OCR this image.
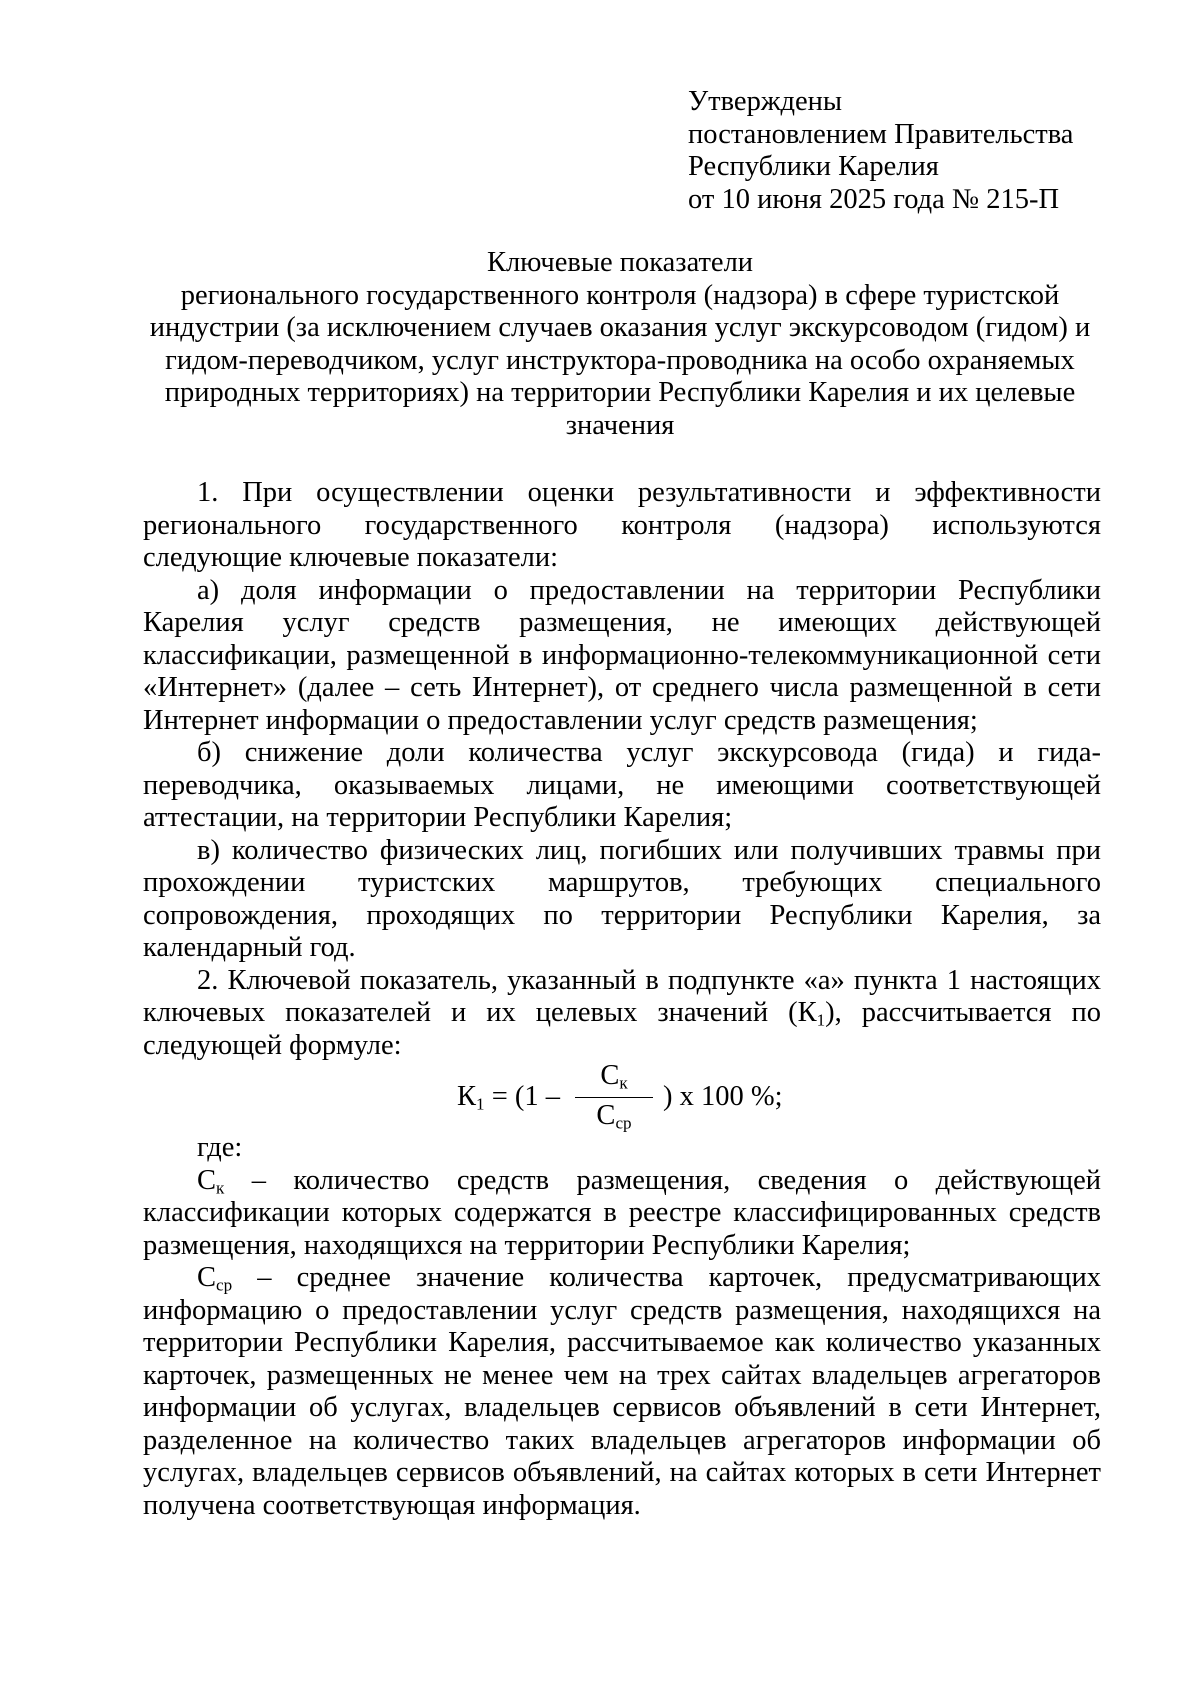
Утверждены
постановлением Правительства
Республики Карелия
от 10 июня 2025 года № 215-П
Ключевые показатели
регионального государственного контроля (надзора) в сфере туристской
индустрии (за исключением случаев оказания услуг экскурсоводом (гидом) и
гидом-переводчиком, услуг инструктора-проводника на особо охраняемых
природных территориях) на территории Республики Карелия и их целевые
значения

1. При осуществлении оценки результативности и эффективности регионального государственного контроля (надзора) используются следующие ключевые показатели:

а) доля информации о предоставлении на территории Республики Карелия услуг средств размещения, не имеющих действующей классификации, размещенной в информационно-телекоммуникационной сети «Интернет» (далее – сеть Интернет), от среднего числа размещенной в сети Интернет информации о предоставлении услуг средств размещения;

б) снижение доли количества услуг экскурсовода (гида) и гида-переводчика, оказываемых лицами, не имеющими соответствующей аттестации, на территории Республики Карелия;

в) количество физических лиц, погибших или получивших травмы при прохождении туристских маршрутов, требующих специального сопровождения, проходящих по территории Республики Карелия, за календарный год.

2. Ключевой показатель, указанный в подпункте «а» пункта 1 настоящих ключевых показателей и их целевых значений $(К_1)$, рассчитывается по следующей формуле:

$К_1 = (1$ –
$С_к$
$С_{ср}$
) х 100 %;

где:

$С_к$ – количество средств размещения, сведения о действующей классификации которых содержатся в реестре классифицированных средств размещения, находящихся на территории Республики Карелия;

$С_{ср}$ – среднее значение количества карточек, предусматривающих информацию о предоставлении услуг средств размещения, находящихся на территории Республики Карелия, рассчитываемое как количество указанных карточек, размещенных не менее чем на трех сайтах владельцев агрегаторов информации об услугах, владельцев сервисов объявлений в сети Интернет, разделенное на количество таких владельцев агрегаторов информации об услугах, владельцев сервисов объявлений, на сайтах которых в сети Интернет получена соответствующая информация.
